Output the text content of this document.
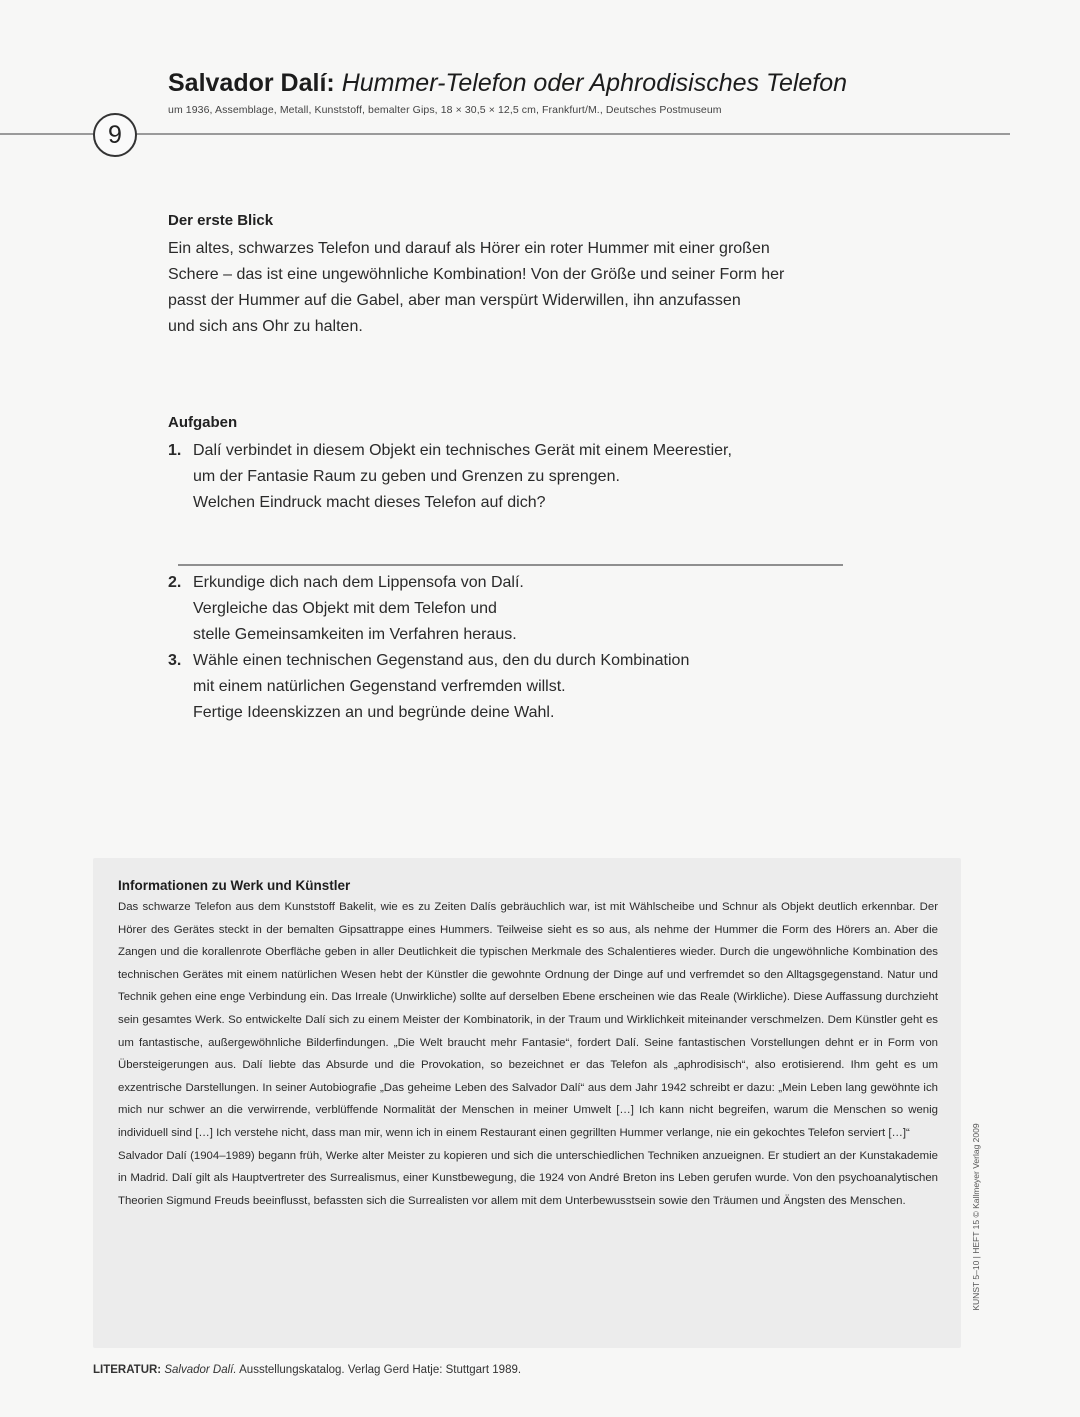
Salvador Dalí: Hummer-Telefon oder Aphrodisisches Telefon
um 1936, Assemblage, Metall, Kunststoff, bemalter Gips, 18 × 30,5 × 12,5 cm, Frankfurt/M., Deutsches Postmuseum
9
Der erste Blick
Ein altes, schwarzes Telefon und darauf als Hörer ein roter Hummer mit einer großen
Schere – das ist eine ungewöhnliche Kombination! Von der Größe und seiner Form her
passt der Hummer auf die Gabel, aber man verspürt Widerwillen, ihn anzufassen
und sich ans Ohr zu halten.
Aufgaben
1. Dalí verbindet in diesem Objekt ein technisches Gerät mit einem Meerestier,
um der Fantasie Raum zu geben und Grenzen zu sprengen.
Welchen Eindruck macht dieses Telefon auf dich?
2. Erkundige dich nach dem Lippensofa von Dalí.
Vergleiche das Objekt mit dem Telefon und
stelle Gemeinsamkeiten im Verfahren heraus.
3. Wähle einen technischen Gegenstand aus, den du durch Kombination
mit einem natürlichen Gegenstand verfremden willst.
Fertige Ideenskizzen an und begründe deine Wahl.
Informationen zu Werk und Künstler

Das schwarze Telefon aus dem Kunststoff Bakelit, wie es zu Zeiten Dalís gebräuchlich war, ist mit Wählscheibe und Schnur als Objekt deutlich erkennbar. Der Hörer des Gerätes steckt in der bemalten Gipsattrappe eines Hummers. Teilweise sieht es so aus, als nehme der Hummer die Form des Hörers an. Aber die Zangen und die korallenrote Oberfläche geben in aller Deutlichkeit die typischen Merkmale des Schalentieres wieder. Durch die ungewöhnliche Kombination des technischen Gerätes mit einem natürlichen Wesen hebt der Künstler die gewohnte Ordnung der Dinge auf und verfremdet so den Alltagsgegenstand. Natur und Technik gehen eine enge Verbindung ein. Das Irreale (Unwirkliche) sollte auf derselben Ebene erscheinen wie das Reale (Wirkliche). Diese Auffassung durchzieht sein gesamtes Werk. So entwickelte Dalí sich zu einem Meister der Kombinatorik, in der Traum und Wirklichkeit miteinander verschmelzen. Dem Künstler geht es um fantastische, außergewöhnliche Bilderfindungen. „Die Welt braucht mehr Fantasie“, fordert Dalí. Seine fantastischen Vorstellungen dehnt er in Form von Übersteigerungen aus. Dalí liebte das Absurde und die Provokation, so bezeichnet er das Telefon als „aphrodisisch“, also erotisierend. Ihm geht es um exzentrische Darstellungen. In seiner Autobiografie „Das geheime Leben des Salvador Dalí“ aus dem Jahr 1942 schreibt er dazu: „Mein Leben lang gewöhnte ich mich nur schwer an die verwirrende, verblüffende Normalität der Menschen in meiner Umwelt […] Ich kann nicht begreifen, warum die Menschen so wenig individuell sind […] Ich verstehe nicht, dass man mir, wenn ich in einem Restaurant einen gegrillten Hummer verlange, nie ein gekochtes Telefon serviert […]“

Salvador Dalí (1904–1989) begann früh, Werke alter Meister zu kopieren und sich die unterschiedlichen Techniken anzueignen. Er studiert an der Kunstakademie in Madrid. Dalí gilt als Hauptvertreter des Surrealismus, einer Kunstbewegung, die 1924 von André Breton ins Leben gerufen wurde. Von den psychoanalytischen Theorien Sigmund Freuds beeinflusst, befassten sich die Surrealisten vor allem mit dem Unterbewusstsein sowie den Träumen und Ängsten des Menschen.	KUNST 5–10 | HEFT 15 © Kallmeyer Verlag 2009
LITERATUR: Salvador Dalí. Ausstellungskatalog. Verlag Gerd Hatje: Stuttgart 1989.
